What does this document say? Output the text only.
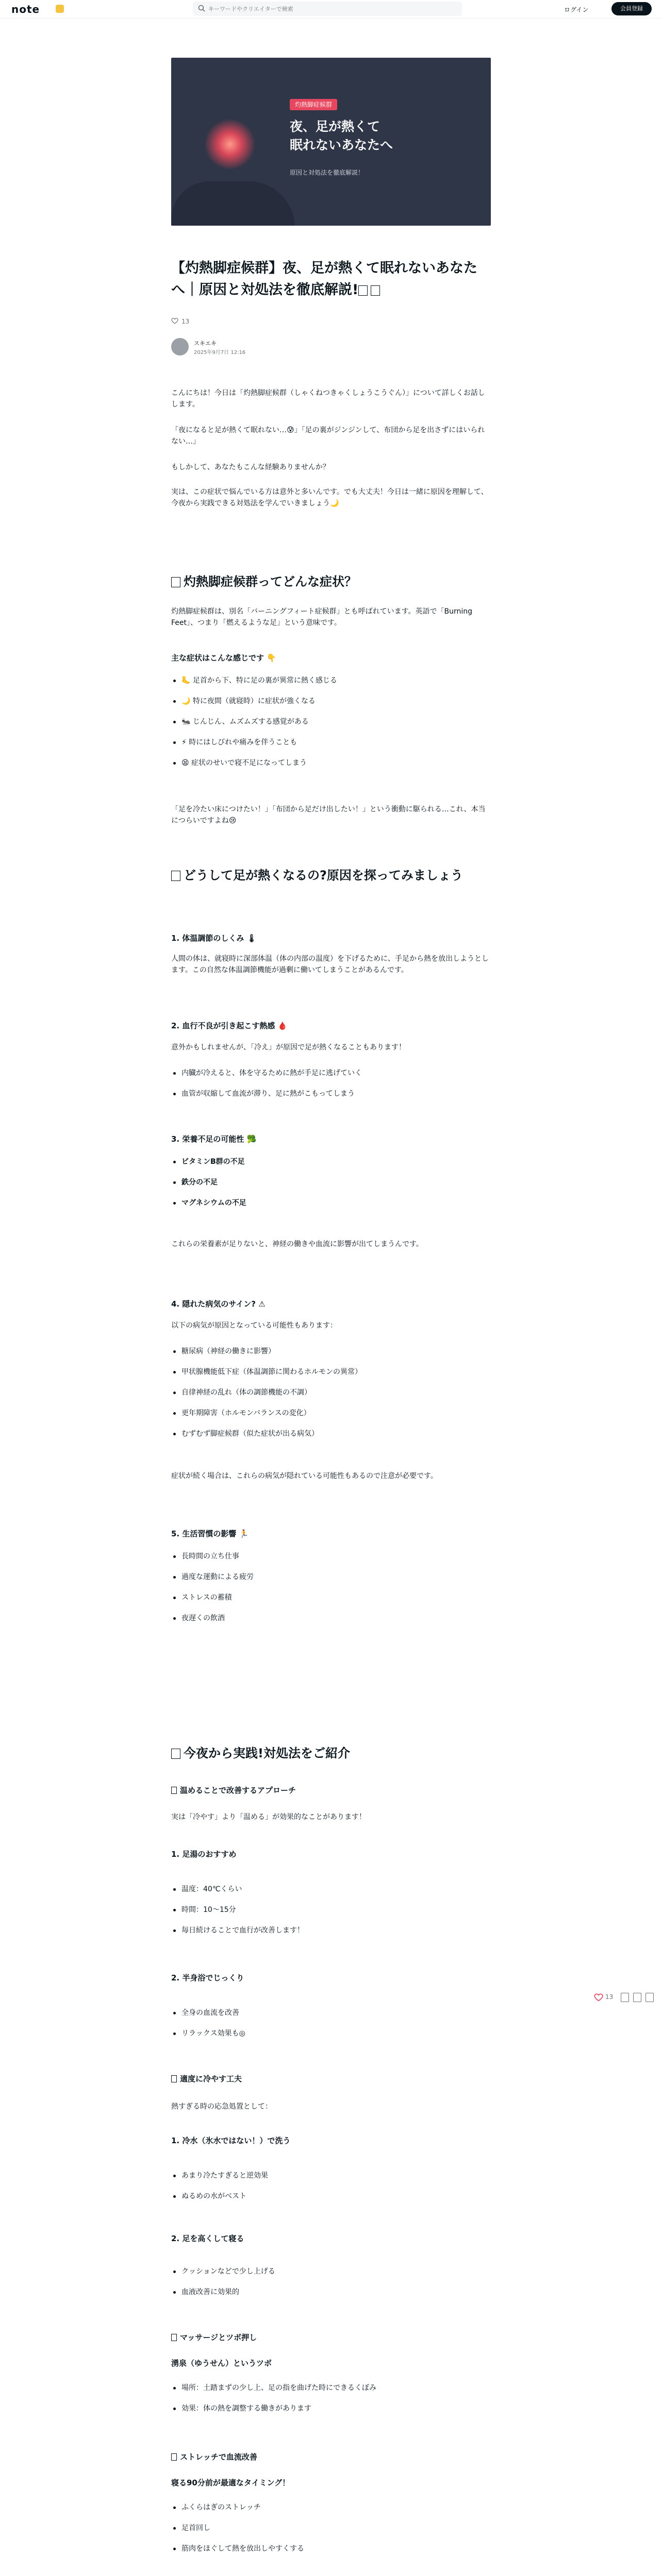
note
キーワードやクリエイターで検索	ログイン	会員登録
灼熱脚症候群
夜、足が熱くて
眠れないあなたへ
原因と対処法を徹底解説！
【灼熱脚症候群】夜、足が熱くて眠れないあなたへ｜原因と対処法を徹底解説!
13
スキエキ
2025年9月7日 12:16
こんにちは！今日は「灼熱脚症候群（しゃくねつきゃくしょうこうぐん）」について詳しくお話しします。
「夜になると足が熱くて眠れない…😰」「足の裏がジンジンして、布団から足を出さずにはいられない…」
もしかして、あなたもこんな経験ありませんか？
実は、この症状で悩んでいる方は意外と多いんです。でも大丈夫！今日は一緒に原因を理解して、今夜から実践できる対処法を学んでいきましょう🌙
灼熱脚症候群ってどんな症状？
灼熱脚症候群は、別名「バーニングフィート症候群」とも呼ばれています。英語で「Burning Feet」、つまり「燃えるような足」という意味です。
主な症状はこんな感じです 👇
🦶 足首から下、特に足の裏が異常に熱く感じる
🌙 特に夜間（就寝時）に症状が強くなる
🐜 じんじん、ムズムズする感覚がある
⚡ 時にはしびれや痛みを伴うことも
😫 症状のせいで寝不足になってしまう
「足を冷たい床につけたい！」「布団から足だけ出したい！」という衝動に駆られる…これ、本当につらいですよね😢
どうして足が熱くなるの?原因を探ってみましょう
1. 体温調節のしくみ 🌡
人間の体は、就寝時に深部体温（体の内部の温度）を下げるために、手足から熱を放出しようとします。この自然な体温調節機能が過剰に働いてしまうことがあるんです。
2. 血行不良が引き起こす熱感 🩸
意外かもしれませんが、「冷え」が原因で足が熱くなることもあります！
内臓が冷えると、体を守るために熱が手足に逃げていく
血管が収縮して血流が滞り、足に熱がこもってしまう
3. 栄養不足の可能性 🥦
ビタミンB群の不足
鉄分の不足
マグネシウムの不足
これらの栄養素が足りないと、神経の働きや血流に影響が出てしまうんです。
4. 隠れた病気のサイン? ⚠
以下の病気が原因となっている可能性もあります：
糖尿病（神経の働きに影響）
甲状腺機能低下症（体温調節に関わるホルモンの異常）
自律神経の乱れ（体の調節機能の不調）
更年期障害（ホルモンバランスの変化）
むずむず脚症候群（似た症状が出る病気）
症状が続く場合は、これらの病気が隠れている可能性もあるので注意が必要です。
5. 生活習慣の影響 🏃
長時間の立ち仕事
過度な運動による疲労
ストレスの蓄積
夜遅くの飲酒
今夜から実践!対処法をご紹介
温めることで改善するアプローチ
実は「冷やす」より「温める」が効果的なことがあります！
1. 足湯のおすすめ
温度：40℃くらい
時間：10〜15分
毎日続けることで血行が改善します！
2. 半身浴でじっくり
全身の血流を改善
リラックス効果も◎
適度に冷やす工夫
熱すぎる時の応急処置として：
1. 冷水（氷水ではない！）で洗う
あまり冷たすぎると逆効果
ぬるめの水がベスト
2. 足を高くして寝る
クッションなどで少し上げる
血液改善に効果的
マッサージとツボ押し
湧泉（ゆうせん）というツボ
場所：土踏まずの少し上、足の指を曲げた時にできるくぼみ
効果：体の熱を調整する働きがあります
ストレッチで血流改善
寝る90分前が最適なタイミング！
ふくらはぎのストレッチ
足首回し
筋肉をほぐして熱を放出しやすくする
13
